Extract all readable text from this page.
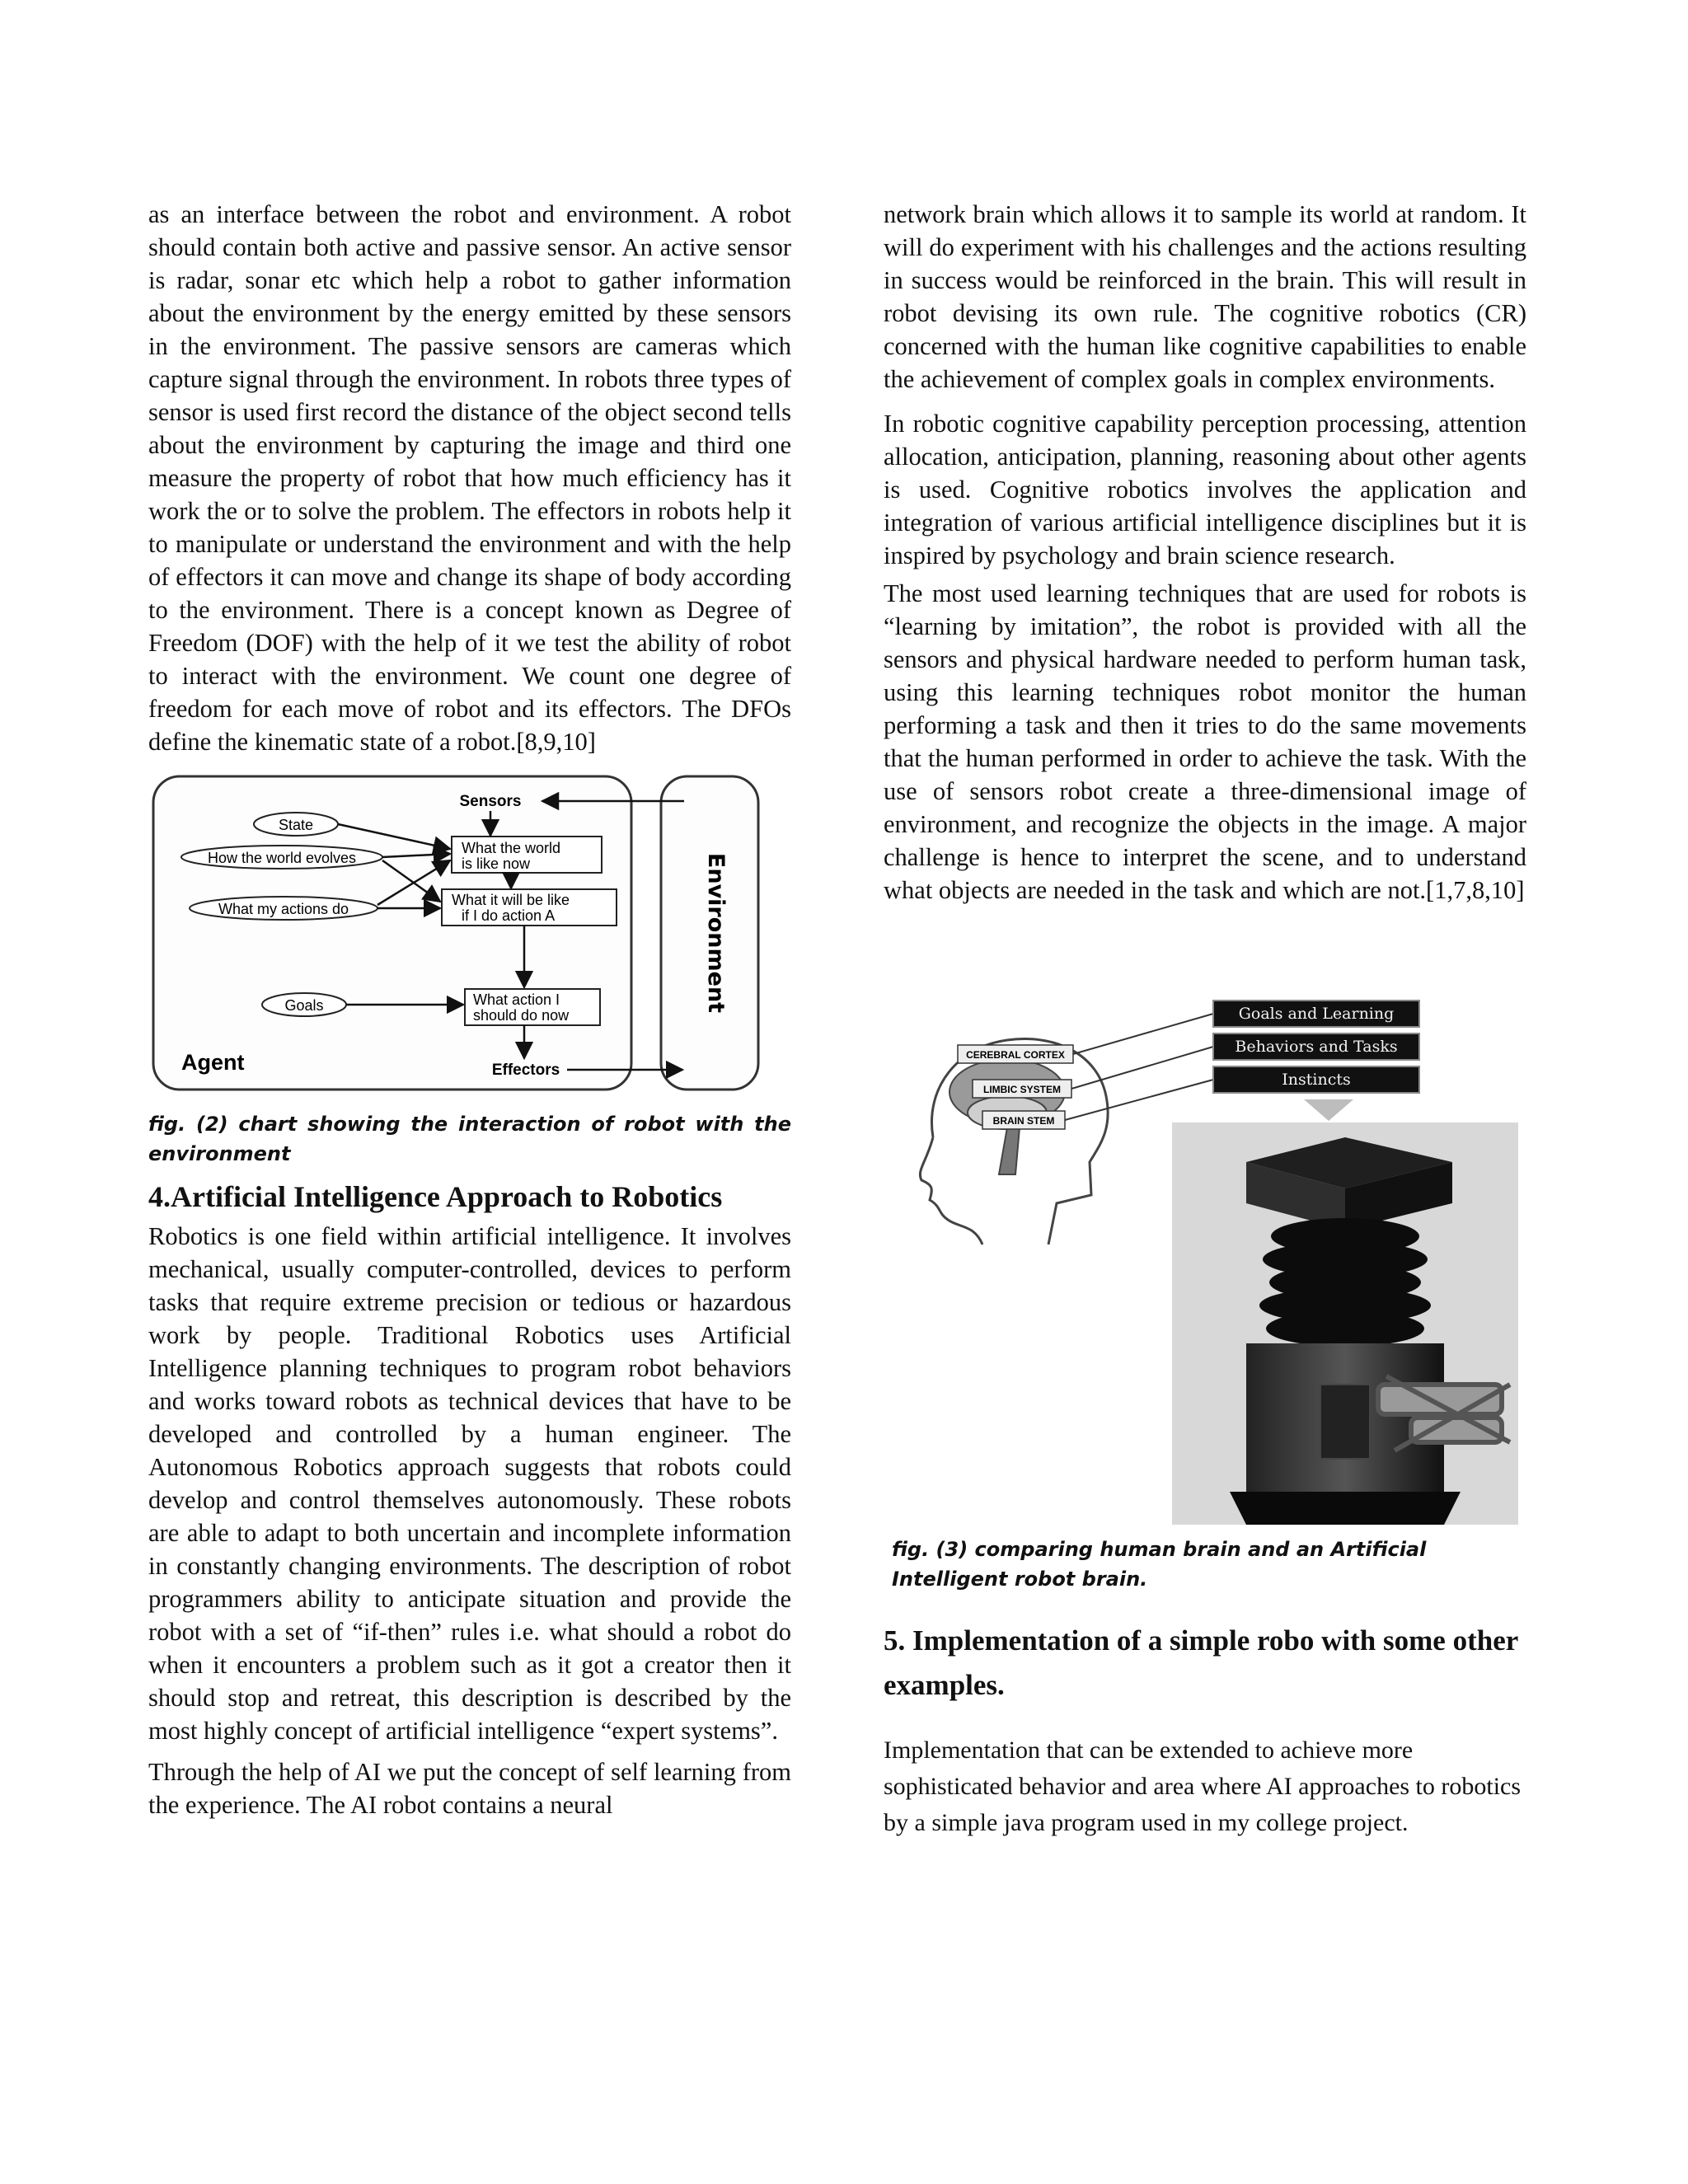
as an interface between the robot and environment. A robot should contain both active and passive sensor. An active sensor is radar, sonar etc which help a robot to gather information about the environment by the energy emitted by these sensors in the environment. The passive sensors are cameras which capture signal through the environment. In robots three types of sensor is used first record the distance of the object second tells about the environment by capturing the image and third one measure the property of robot that how much efficiency has it work the or to solve the problem. The effectors in robots help it to manipulate or understand the environment and with the help of effectors it can move and change its shape of body according to the environment. There is a concept known as Degree of Freedom (DOF) with the help of it we test the ability of robot to interact with the environment. We count one degree of freedom for each move of robot and its effectors. The DFOs define the kinematic state of a robot.[8,9,10]

State
How the world evolves
What my actions do
Goals
What the world
is like now
What it will be like
if I do action A
What action I
should do now
Sensors
Effectors
Agent
Environment

fig. (2) chart showing the interaction of robot with the environment

4.Artificial Intelligence Approach to Robotics

Robotics is one field within artificial intelligence. It involves mechanical, usually computer-controlled, devices to perform tasks that require extreme precision or tedious or hazardous work by people. Traditional Robotics uses Artificial Intelligence planning techniques to program robot behaviors and works toward robots as technical devices that have to be developed and controlled by a human engineer. The Autonomous Robotics approach suggests that robots could develop and control themselves autonomously. These robots are able to adapt to both uncertain and incomplete information in constantly changing environments. The description of robot programmers ability to anticipate situation and provide the robot with a set of “if-then” rules i.e. what should a robot do when it encounters a problem such as it got a creator then it should stop and retreat, this description is described by the most highly concept of artificial intelligence “expert systems”.

Through the help of AI we put the concept of self learning from the experience. The AI robot contains a neural

network brain which allows it to sample its world at random. It will do experiment with his challenges and the actions resulting in success would be reinforced in the brain. This will result in robot devising its own rule. The cognitive robotics (CR) concerned with the human like cognitive capabilities to enable the achievement of complex goals in complex environments.

In robotic cognitive capability perception processing, attention allocation, anticipation, planning, reasoning about other agents is used. Cognitive robotics involves the application and integration of various artificial intelligence disciplines but it is inspired by psychology and brain science research.

The most used learning techniques that are used for robots is “learning by imitation”, the robot is provided with all the sensors and physical hardware needed to perform human task, using this learning techniques robot monitor the human performing a task and then it tries to do the same movements that the human performed in order to achieve the task. With the use of sensors robot create a three-dimensional image of environment, and recognize the objects in the image. A major challenge is hence to interpret the scene, and to understand what objects are needed in the task and which are not.[1,7,8,10]

CEREBRAL CORTEX
LIMBIC SYSTEM
BRAIN STEM
Goals and Learning
Behaviors and Tasks
Instincts

fig. (3) comparing human brain and an Artificial Intelligent robot brain.

5. Implementation of a simple robo with some other examples.

Implementation that can be extended to achieve more sophisticated behavior and area where AI approaches to robotics by a simple java program used in my college project.
